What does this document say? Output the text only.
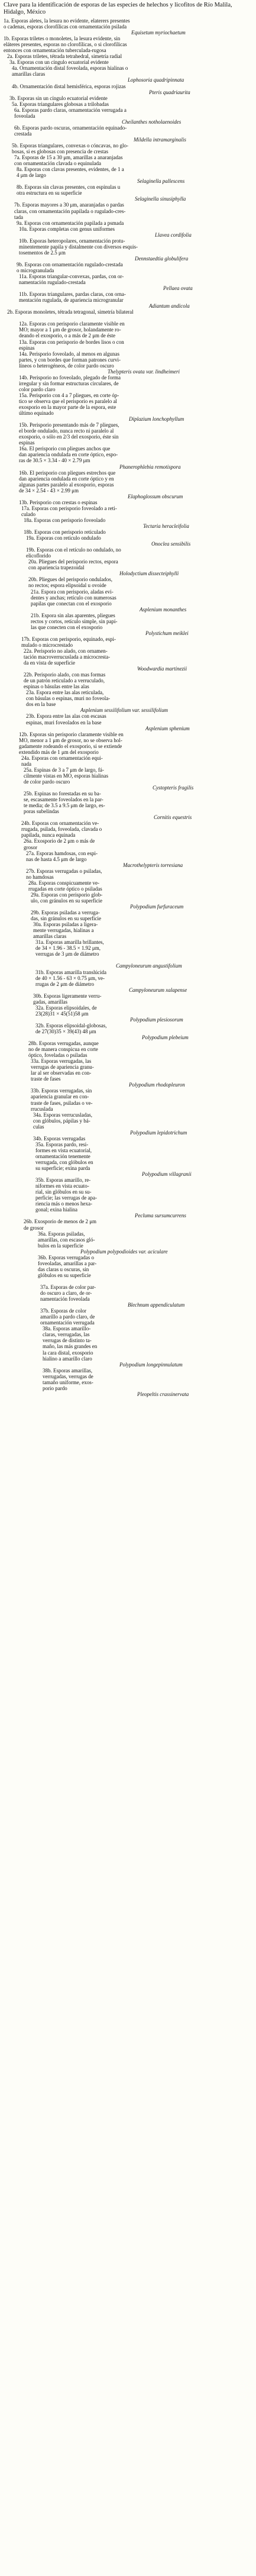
Clave para la identificación de esporas de las especies de helechos y licofitos de Río Malila, Hidalgo, México
1a. Esporas aletes, la lesura no evidente, elaterers presentes
o cadenas, esporas clorofílicas con ornamentación psilada
Equisetum myriochaetum
1b. Esporas triletes o monoletes, la lesura evidente, sin
eláteres presentes, esporas no clorofílicas, o si clorofílicas
entonces con ornamentación tuberculada-rugosa
2a. Esporas triletes, tétrada tetrahedral, simetría radial
3a. Esporas con un cíngulo ecuatorial evidente
4a. Ornamentación distal foveolada, esporas hialinas o
amarillas claras
Lophosoria quadripinnata
4b. Ornamentación distal hemisférica, esporas rojizas
Pteris quadriaurita
3b. Esporas sin un cíngulo ecuatorial evidente
5a. Esporas triangulares globosas a trilobadas
6a. Esporas pardo claras, ornamentación verrugada a
foveolada
Cheilanthes notholaenoides
6b. Esporas pardo oscuras, ornamentación equinado-
crestada
Mildella intramarginalis
5b. Esporas triangulares, convexas o cóncavas, no glo-
bosas, si es globosas con presencia de crestas
7a. Esporas de 15 a 30 μm, amarillas a anaranjadas
con ornamentación clavada o equinulada
8a. Esporas con clavas presentes, evidentes, de 1 a
4 μm de largo
Selaginella pallescens
8b. Esporas sin clavas presentes, con espínulas u
otra estructura en su superficie
Selaginella sinusiphylla
7b. Esporas mayores a 30 μm, anaranjadas o pardas
claras, con ornamentación papilada o rugulado-cres-
tada
9a. Esporas con ornamentación papilada a psmada
10a. Esporas completas con genus uniformes
Llavea cordifolia
10b. Esporas heteropolares, ornamentación protu-
minentemente papila y distalmente con diversos esquis-
tosementos de 2.5 μm
Dennstaedtia globulifera
9b. Esporas con ornamentación rugulado-crestada
o microgranulada
11a. Esporas triangular-convexas, pardas, con or-
namentación rugulado-crestada
Pellaea ovata
11b. Esporas triangulares, pardas claras, con orna-
mentación rugulada, de apariencia microgranular
Adiantum andicola
2b. Esporas monoletes, tétrada tetragonal, simetría bilateral
12a. Esporas con perisporio claramente visible en
MO; mayor a 1 μm de grosor, holandamente ro-
deando el exosporio, o a más de 2 μm de éste
13a. Esporas con perisporio de bordes lisos o con
espinas
14a. Perisporio foveolado, al menos en algunas
partes, y con bordes que forman patrones curvi-
líneos o heterogéneos, de color pardo oscuro
Thelypteris ovata var. lindheimeri
14b. Perisporio no foveolado, plegado de forma
irregular y sin formar estructuras circulares, de
color pardo claro
15a. Perisporio con 4 a 7 pliegues, en corte óp-
tico se observa que el perisporio es paralelo al
exosporio en la mayor parte de la espora, este
último equinado
Diplazium lonchophyllum
15b. Perisporio presentando más de 7 pliegues,
el borde ondulado, nunca recto ni paralelo al
exosporio, o sólo en 2/3 del exosporio, éste sin
espinas
16a. El perisporio con pliegues anchos que
dan apariencia ondulada en corte óptico, espo-
ras de 30.5 × 3.34 - 40 × 2.79 μm
Phanerophlebia remotispora
16b. El perisporio con pliegues estrechos que
dan apariencia ondulada en corte óptico y en
algunas partes paralelo al exosporio, esporas
de 34 × 2.54 - 43 × 2.99 μm
Elaphoglossum obscurum
13b. Perisporio con crestas o espinas
17a. Esporas con perisporio foveolado a reti-
culado
18a. Esporas con perisporio foveolado
Tectaria heracleifolia
18b. Esporas con perisporio reticulado
19a. Esporas con retículo ondulado
Onoclea sensibilis
19b. Esporas con el retículo no ondulado, no
elicoflorido
20a. Pliegues del perisporio rectos, espora
con apariencia trapezoidal
Holodyctium dissecteiphylli
20b. Pliegues del perisporio ondulados,
no rectos; espora elipsoidal u ovoide
21a. Espora con perisporio, aladas evi-
dentes y anchas; retículo con numerosas
papilas que conectan con el exosporio
Asplenium monanthes
21b. Espora sin alas aparentes, pliegues
rectos y cortos, retículo simple, sin papi-
las que conecten con el exosporio
Polystichum meiklei
17b. Esporas con perisporio, equinado, espi-
mulado o microcrestado
22a. Perisporio no alado, con ornamen-
tación macroverrucuslada a microcresta-
da en vista de superficie
Woodwardia martinezii
22b. Perisporio alado, con mas formas
de un patrón reticulado a verruculado,
espinas o básulas entre las alas
23a. Espora entre las alas reticulada,
con básulas o espinas, muri no foveola-
dos en la base
Asplenium sessilifolium var. sessilifolium
23b. Espora entre las alas con escasas
espinas, muri foveolados en la base
Asplenium sphenium
12b. Esporas sin perisporio claramente visible en
MO, menor a 1 μm de grosor, no se observa hol-
gadamente rodeando el exosporio, si se extiende
extendido más de 1 μm del exosporio
24a. Esporas con ornamentación equi-
nada
25a. Espinas de 3 a 7 μm de largo, fá-
cilmente vistas en MO, esporas hialinas
de color pardo oscuro
Cystopteris fragilis
25b. Espinas no forestadas en su ba-
se, escasamente foveolados en la par-
te media; de 3.5 a 9.5 μm de largo, es-
poras subelíndas
Cornitis equestris
24b. Esporas con ornamentación ve-
rrugada, psilada, foveolada, clavada o
papilada, nunca equinada
26a. Exosporio de 2 μm o más de
grosor
27a. Esporas hamdosas, con espi-
nas de hasta 4.5 μm de largo
Macrothelypteris torresiana
27b. Esporas verrugadas o psiladas,
no hamdosas
28a. Esporas conspicuamente ve-
rrugadas en corte óptico o psiladas
29a. Esporas con perisporio glob-
ulo, con gránulos en su superficie
Polypodium furfuraceum
29b. Esporas psiladas a verruga-
das, sin gránulos en su superficie
30a. Esporas psiladas a ligera-
mente verrugadas, hialinas a
amarillas claras
31a. Esporas amarilla brillantes,
de 34 × 1.96 - 38.5 × 1.92 μm,
verrugas de 3 μm de diámetro
Campyloneurum angustifolium
31b. Esporas amarilla translúcida
de 40 × 1.56 - 63 × 0.75 μm, ve-
rrugas de 2 μm de diámetro
Campyloneurum xalapense
30b. Esporas ligeramente verru-
gadas, amarillas
32a. Esporas elipsoidales, de
23(28)31 × 45(51)58 μm
Polypodium plesiosorum
32b. Esporas elipsoidal-globosas,
de 27(30)35 × 39(43) 48 μm
Polypodium plebeium
28b. Esporas verrugadas, aunque
no de manera conspicua en corte
óptico, foveladas o psiladas
33a. Esporas verrugadas, las
verrugas de apariencia granu-
lar al ser observadas en con-
traste de fases
Polypodium rhodopleuron
33b. Esporas verrugadas, sin
apariencia granular en con-
traste de fases, psiladas o ve-
rrucuslada
34a. Esporas verrucusladas,
con glóbulos, pápilas y bá-
culas
Polypodium lepidotrichum
34b. Esporas verrugadas
35a. Esporas pardo, resi-
formes en vista ecuatorial,
ornamentación tenemente
verrugada, con glóbulos en
su superficie; exina parda
Polypodium villagranii
35b. Esporas amarillo, re-
niformes en vista ecuato-
rial, sin glóbulos en su su-
perficie; las verrugas de apa-
riencia más o menos hexa-
gonal; exina hialina
Pecluma sursumcurrens
26b. Exosporio de menos de 2 μm
de grosor
36a. Esporas psiladas,
amarillas, con escasos gló-
bulos en la superficie
Polypodium polypodioides var. aciculare
36b. Esporas verrugadas o
foveoladas, amarillas a par-
das claras u oscuras, sin
glóbulos en su superficie
37a. Esporas de color par-
do oscuro a claro, de or-
namentación foveolada
Blechnum appendiculatum
37b. Esporas de color
amarillo a pardo claro, de
ornamentación verrugada
38a. Esporas amarillo-
claras, verrugadas, las
verrugas de distinto ta-
maño, las más grandes en
la cara distal, exosporio
hialino a amarillo claro
Polypodium longepinnulatum
38b. Esporas amarillas,
verrugadas, verrugas de
tamaño uniforme, exos-
porio pardo
Pleopeltis crassinervata
